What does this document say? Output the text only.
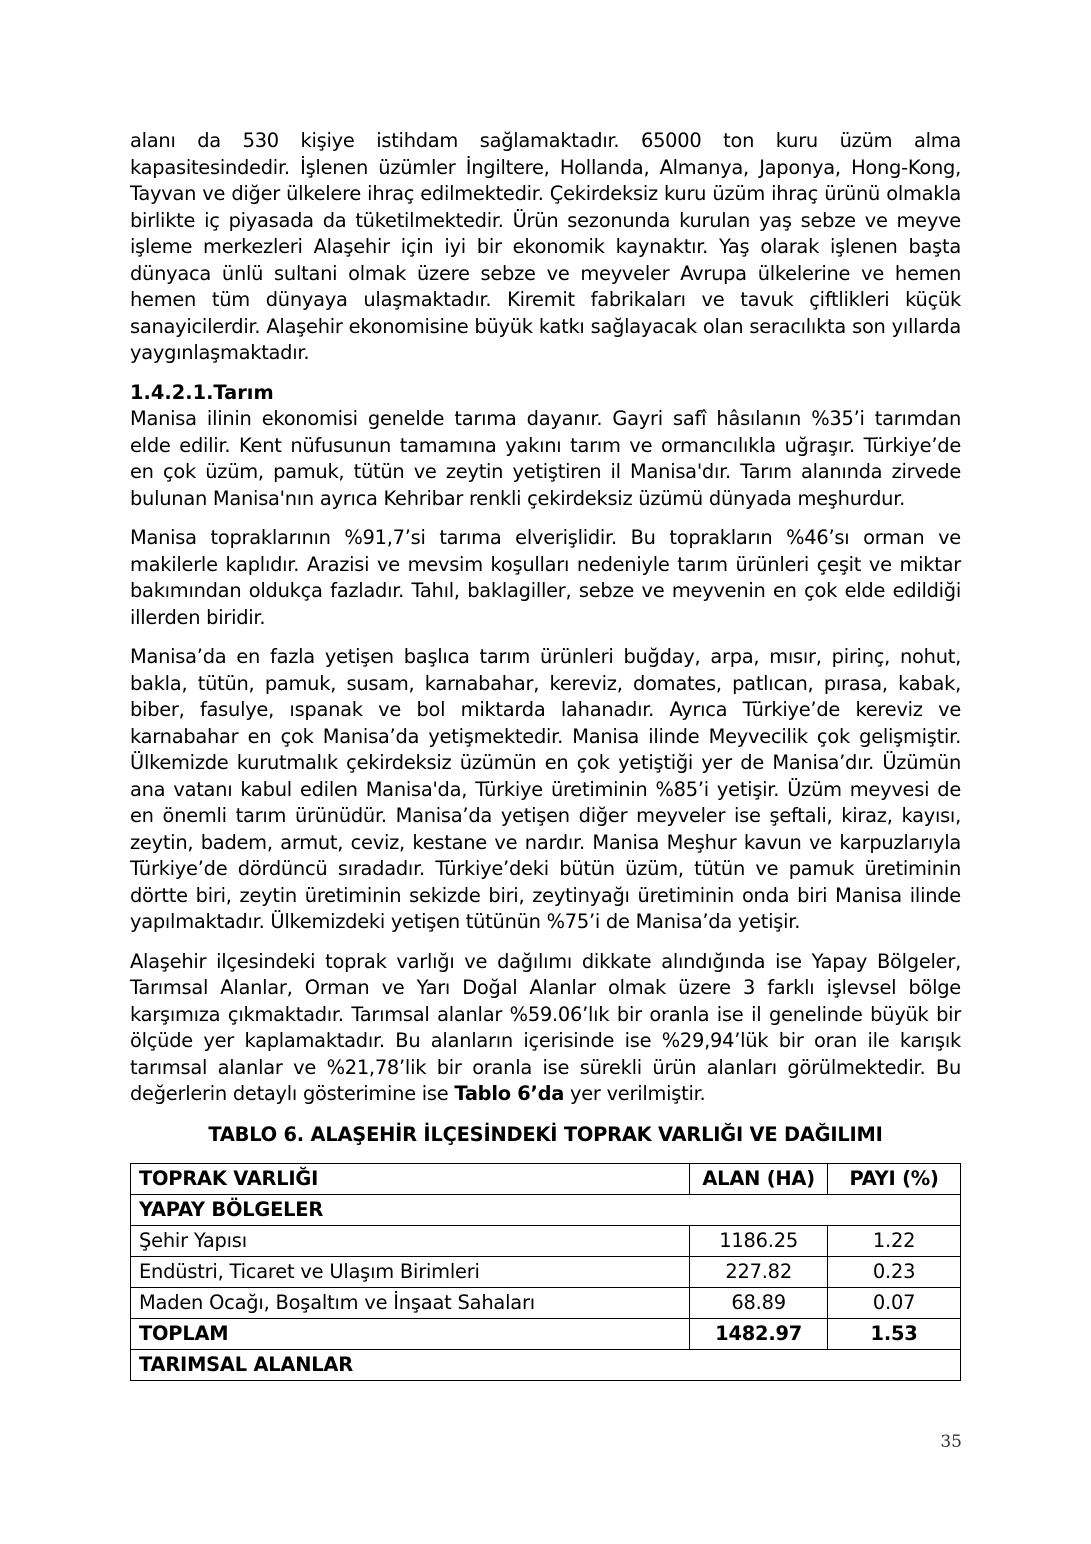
alanı da 530 kişiye istihdam sağlamaktadır. 65000 ton kuru üzüm alma kapasitesindedir. İşlenen üzümler İngiltere, Hollanda, Almanya, Japonya, Hong-Kong, Tayvan ve diğer ülkelere ihraç edilmektedir. Çekirdeksiz kuru üzüm ihraç ürünü olmakla birlikte iç piyasada da tüketilmektedir. Ürün sezonunda kurulan yaş sebze ve meyve işleme merkezleri Alaşehir için iyi bir ekonomik kaynaktır. Yaş olarak işlenen başta dünyaca ünlü sultani olmak üzere sebze ve meyveler Avrupa ülkelerine ve hemen hemen tüm dünyaya ulaşmaktadır. Kiremit fabrikaları ve tavuk çiftlikleri küçük sanayicilerdir. Alaşehir ekonomisine büyük katkı sağlayacak olan seracılıkta son yıllarda yaygınlaşmaktadır.

1.4.2.1.Tarım

Manisa ilinin ekonomisi genelde tarıma dayanır. Gayri safî hâsılanın %35’i tarımdan elde edilir. Kent nüfusunun tamamına yakını tarım ve ormancılıkla uğraşır. Türkiye’de en çok üzüm, pamuk, tütün ve zeytin yetiştiren il Manisa'dır. Tarım alanında zirvede bulunan Manisa'nın ayrıca Kehribar renkli çekirdeksiz üzümü dünyada meşhurdur.

Manisa topraklarının %91,7’si tarıma elverişlidir. Bu toprakların %46’sı orman ve makilerle kaplıdır. Arazisi ve mevsim koşulları nedeniyle tarım ürünleri çeşit ve miktar bakımından oldukça fazladır. Tahıl, baklagiller, sebze ve meyvenin en çok elde edildiği illerden biridir.

Manisa’da en fazla yetişen başlıca tarım ürünleri buğday, arpa, mısır, pirinç, nohut, bakla, tütün, pamuk, susam, karnabahar, kereviz, domates, patlıcan, pırasa, kabak, biber, fasulye, ıspanak ve bol miktarda lahanadır. Ayrıca Türkiye’de kereviz ve karnabahar en çok Manisa’da yetişmektedir. Manisa ilinde Meyvecilik çok gelişmiştir. Ülkemizde kurutmalık çekirdeksiz üzümün en çok yetiştiği yer de Manisa’dır. Üzümün ana vatanı kabul edilen Manisa'da, Türkiye üretiminin %85’i yetişir. Üzüm meyvesi de en önemli tarım ürünüdür. Manisa’da yetişen diğer meyveler ise şeftali, kiraz, kayısı, zeytin, badem, armut, ceviz, kestane ve nardır. Manisa Meşhur kavun ve karpuzlarıyla Türkiye’de dördüncü sıradadır. Türkiye’deki bütün üzüm, tütün ve pamuk üretiminin dörtte biri, zeytin üretiminin sekizde biri, zeytinyağı üretiminin onda biri Manisa ilinde yapılmaktadır. Ülkemizdeki yetişen tütünün %75’i de Manisa’da yetişir.

Alaşehir ilçesindeki toprak varlığı ve dağılımı dikkate alındığında ise Yapay Bölgeler, Tarımsal Alanlar, Orman ve Yarı Doğal Alanlar olmak üzere 3 farklı işlevsel bölge karşımıza çıkmaktadır. Tarımsal alanlar %59.06’lık bir oranla ise il genelinde büyük bir ölçüde yer kaplamaktadır. Bu alanların içerisinde ise %29,94’lük bir oran ile karışık tarımsal alanlar ve %21,78’lik bir oranla ise sürekli ürün alanları görülmektedir. Bu değerlerin detaylı gösterimine ise Tablo 6’da yer verilmiştir.

TABLO 6. ALAŞEHİR İLÇESİNDEKİ TOPRAK VARLIĞI VE DAĞILIMI
TOPRAK VARLIĞI	ALAN (HA)	PAYI (%)
YAPAY BÖLGELER		
Şehir Yapısı	1186.25	1.22
Endüstri, Ticaret ve Ulaşım Birimleri	227.82	0.23
Maden Ocağı, Boşaltım ve İnşaat Sahaları	68.89	0.07
TOPLAM	1482.97	1.53
TARIMSAL ALANLAR		
35
